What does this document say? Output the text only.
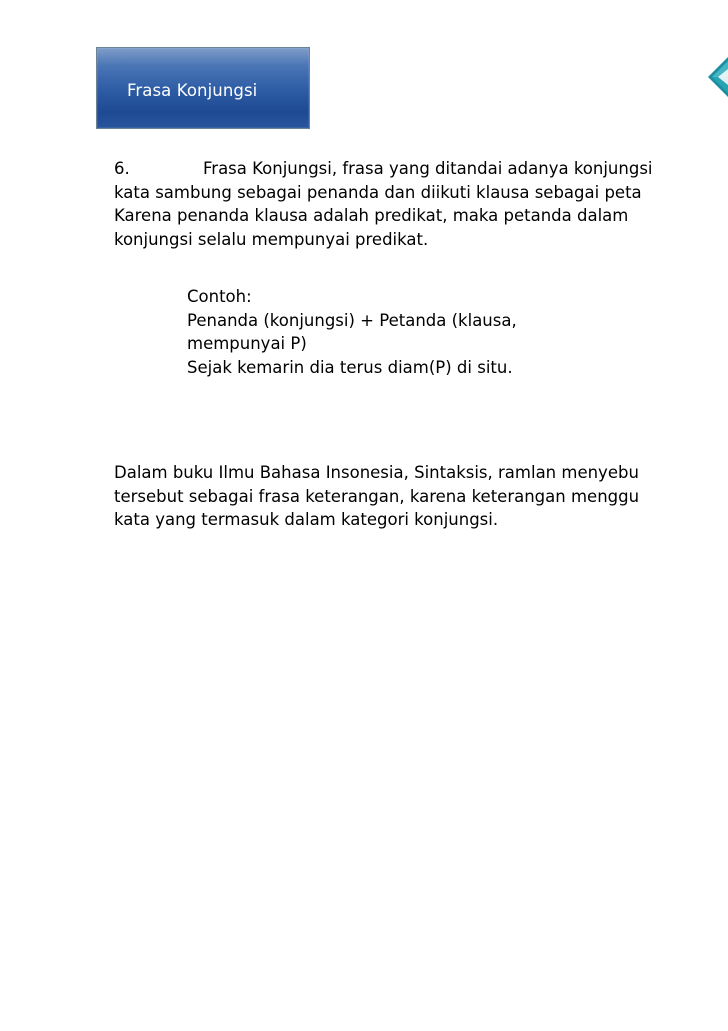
Frasa Konjungsi
6.	Frasa Konjungsi, frasa yang ditandai adanya konjungsi
kata sambung sebagai penanda dan diikuti klausa sebagai peta
Karena penanda klausa adalah predikat, maka petanda dalam
konjungsi selalu mempunyai predikat.
Contoh:
Penanda (konjungsi) + Petanda (klausa,
mempunyai P)
Sejak kemarin dia terus diam(P) di situ.
Dalam buku Ilmu Bahasa Insonesia, Sintaksis, ramlan menyebu
tersebut sebagai frasa keterangan, karena keterangan menggu
kata yang termasuk dalam kategori konjungsi.
